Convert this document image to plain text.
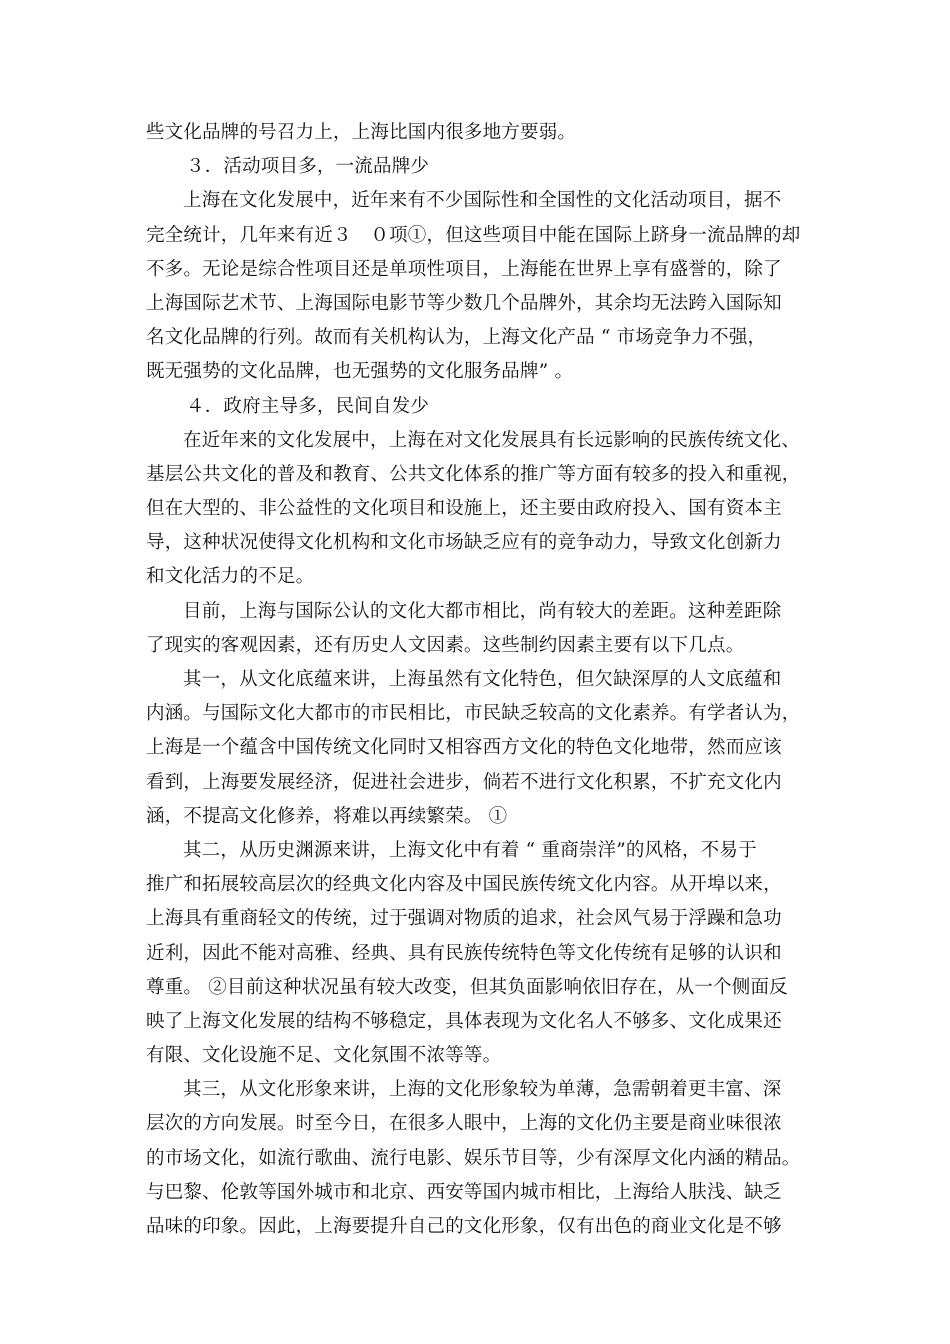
些文化品牌的号召力上，上海比国内很多地方要弱。
３．活动项目多，一流品牌少
上海在文化发展中，近年来有不少国际性和全国性的文化活动项目，据不
完全统计，几年来有近３　０项①，但这些项目中能在国际上跻身一流品牌的却
不多。无论是综合性项目还是单项性项目，上海能在世界上享有盛誉的，除了
上海国际艺术节、上海国际电影节等少数几个品牌外，其余均无法跨入国际知
名文化品牌的行列。故而有关机构认为，上海文化产品 “ 市场竞争力不强，
既无强势的文化品牌，也无强势的文化服务品牌” 。
４．政府主导多，民间自发少
在近年来的文化发展中，上海在对文化发展具有长远影响的民族传统文化、
基层公共文化的普及和教育、公共文化体系的推广等方面有较多的投入和重视，
但在大型的、非公益性的文化项目和设施上，还主要由政府投入、国有资本主
导，这种状况使得文化机构和文化市场缺乏应有的竞争动力，导致文化创新力
和文化活力的不足。
目前，上海与国际公认的文化大都市相比，尚有较大的差距。这种差距除
了现实的客观因素，还有历史人文因素。这些制约因素主要有以下几点。
其一，从文化底蕴来讲，上海虽然有文化特色，但欠缺深厚的人文底蕴和
内涵。与国际文化大都市的市民相比，市民缺乏较高的文化素养。有学者认为，
上海是一个蕴含中国传统文化同时又相容西方文化的特色文化地带，然而应该
看到，上海要发展经济，促进社会进步，倘若不进行文化积累，不扩充文化内
涵，不提高文化修养，将难以再续繁荣。 ①
其二，从历史渊源来讲，上海文化中有着 “ 重商崇洋”的风格，不易于
推广和拓展较高层次的经典文化内容及中国民族传统文化内容。从开埠以来，
上海具有重商轻文的传统，过于强调对物质的追求，社会风气易于浮躁和急功
近利，因此不能对高雅、经典、具有民族传统特色等文化传统有足够的认识和
尊重。 ②目前这种状况虽有较大改变，但其负面影响依旧存在，从一个侧面反
映了上海文化发展的结构不够稳定，具体表现为文化名人不够多、文化成果还
有限、文化设施不足、文化氛围不浓等等。
其三，从文化形象来讲，上海的文化形象较为单薄，急需朝着更丰富、深
层次的方向发展。时至今日，在很多人眼中，上海的文化仍主要是商业味很浓
的市场文化，如流行歌曲、流行电影、娱乐节目等，少有深厚文化内涵的精品。
与巴黎、伦敦等国外城市和北京、西安等国内城市相比，上海给人肤浅、缺乏
品味的印象。因此，上海要提升自己的文化形象，仅有出色的商业文化是不够
